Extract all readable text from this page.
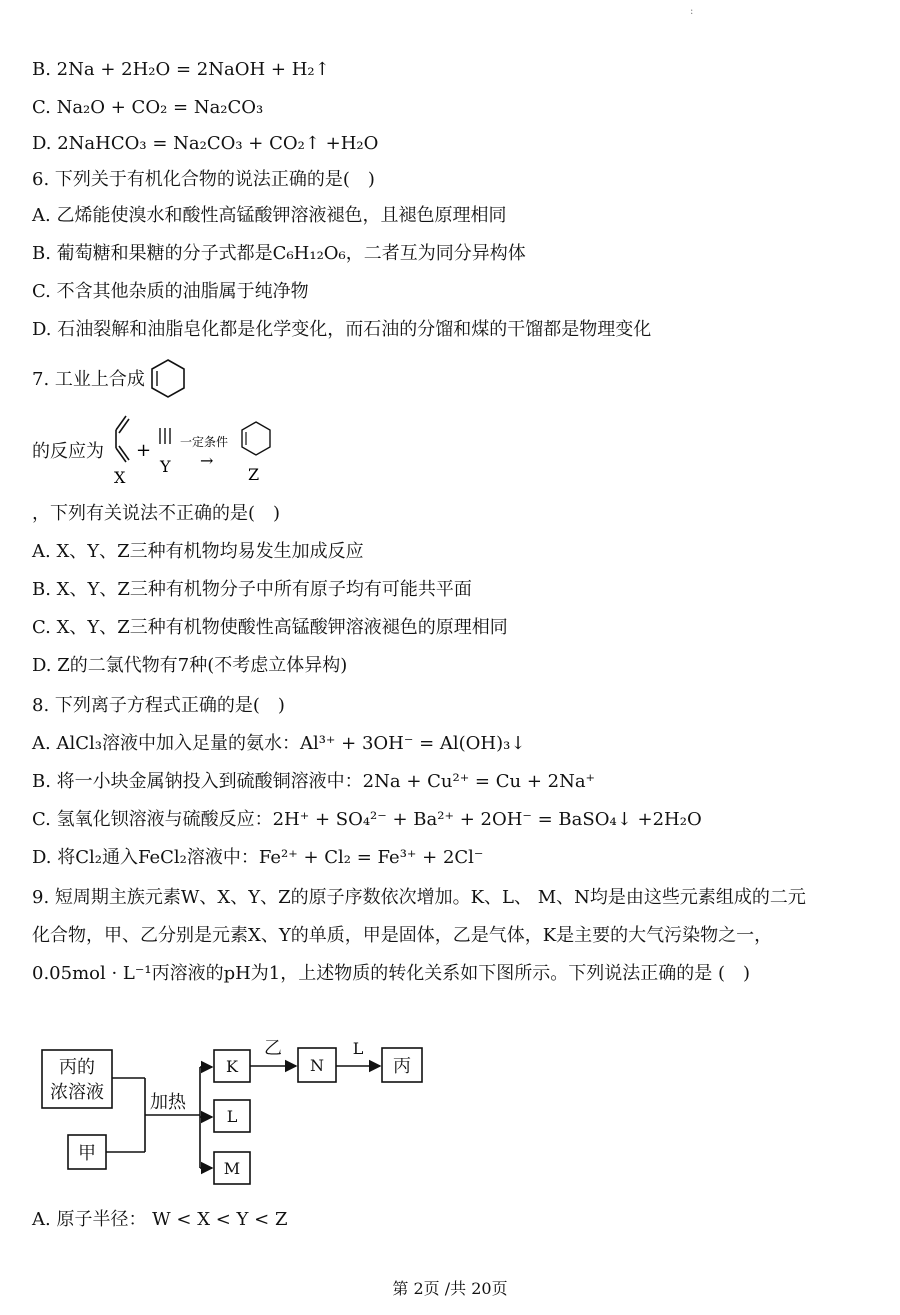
:
B. 2Na + 2H₂O = 2NaOH + H₂↑
C. Na₂O + CO₂ = Na₂CO₃
D. 2NaHCO₃ = Na₂CO₃ + CO₂↑ +H₂O
6. 下列关于有机化合物的说法正确的是(　)
A. 乙烯能使溴水和酸性高锰酸钾溶液褪色，且褪色原理相同
B. 葡萄糖和果糖的分子式都是C₆H₁₂O₆，二者互为同分异构体
C. 不含其他杂质的油脂属于纯净物
D. 石油裂解和油脂皂化都是化学变化，而石油的分馏和煤的干馏都是物理变化
7. 工业上合成
的反应为
X
+
Y
一定条件
→
Z
，下列有关说法不正确的是(　)
A. X、Y、Z三种有机物均易发生加成反应
B. X、Y、Z三种有机物分子中所有原子均有可能共平面
C. X、Y、Z三种有机物使酸性高锰酸钾溶液褪色的原理相同
D. Z的二氯代物有7种(不考虑立体异构)
8. 下列离子方程式正确的是(　)
A. AlCl₃溶液中加入足量的氨水：Al³⁺ + 3OH⁻ = Al(OH)₃↓
B. 将一小块金属钠投入到硫酸铜溶液中：2Na + Cu²⁺ = Cu + 2Na⁺
C. 氢氧化钡溶液与硫酸反应：2H⁺ + SO₄²⁻ + Ba²⁺ + 2OH⁻ = BaSO₄↓ +2H₂O
D. 将Cl₂通入FeCl₂溶液中：Fe²⁺ + Cl₂ = Fe³⁺ + 2Cl⁻
9. 短周期主族元素W、X、Y、Z的原子序数依次增加。K、L、 M、N均是由这些元素组成的二元
化合物，甲、乙分别是元素X、Y的单质，甲是固体，乙是气体，K是主要的大气污染物之一，
0.05mol · L⁻¹丙溶液的pH为1，上述物质的转化关系如下图所示。下列说法正确的是 (　)
丙的
浓溶液
甲
加热
K
L
M
乙
N
L
丙
A. 原子半径： W < X < Y < Z
第 2页 /共 20页
